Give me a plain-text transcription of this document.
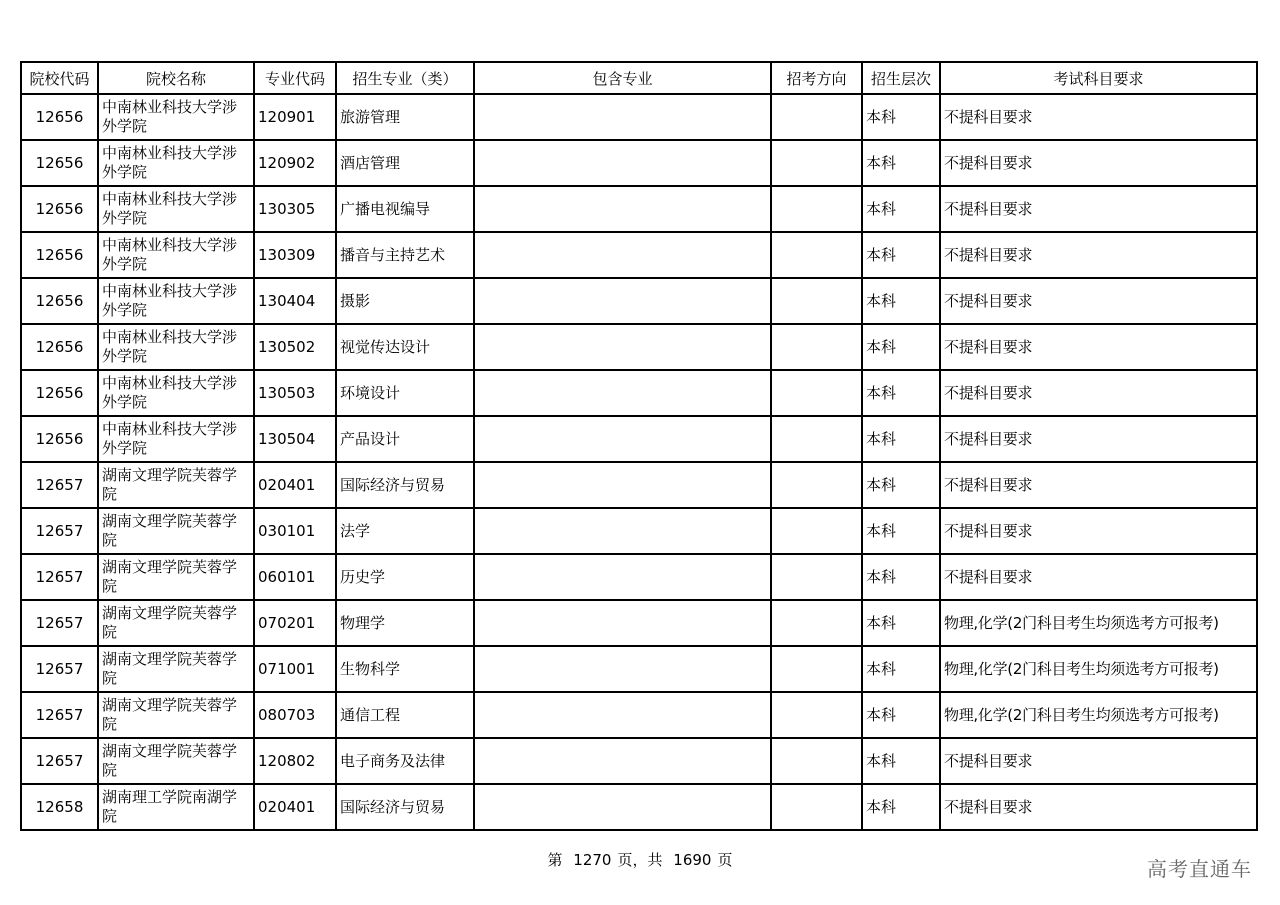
院校代码	院校名称	专业代码	招生专业（类）	包含专业	招考方向	招生层次	考试科目要求
12656	中南林业科技大学涉外学院	120901	旅游管理			本科	不提科目要求
12656	中南林业科技大学涉外学院	120902	酒店管理			本科	不提科目要求
12656	中南林业科技大学涉外学院	130305	广播电视编导			本科	不提科目要求
12656	中南林业科技大学涉外学院	130309	播音与主持艺术			本科	不提科目要求
12656	中南林业科技大学涉外学院	130404	摄影			本科	不提科目要求
12656	中南林业科技大学涉外学院	130502	视觉传达设计			本科	不提科目要求
12656	中南林业科技大学涉外学院	130503	环境设计			本科	不提科目要求
12656	中南林业科技大学涉外学院	130504	产品设计			本科	不提科目要求
12657	湖南文理学院芙蓉学院	020401	国际经济与贸易			本科	不提科目要求
12657	湖南文理学院芙蓉学院	030101	法学			本科	不提科目要求
12657	湖南文理学院芙蓉学院	060101	历史学			本科	不提科目要求
12657	湖南文理学院芙蓉学院	070201	物理学			本科	物理,化学(2门科目考生均须选考方可报考)
12657	湖南文理学院芙蓉学院	071001	生物科学			本科	物理,化学(2门科目考生均须选考方可报考)
12657	湖南文理学院芙蓉学院	080703	通信工程			本科	物理,化学(2门科目考生均须选考方可报考)
12657	湖南文理学院芙蓉学院	120802	电子商务及法律			本科	不提科目要求
12658	湖南理工学院南湖学院	020401	国际经济与贸易			本科	不提科目要求
第 1270 页，共 1690 页	高考直通车
